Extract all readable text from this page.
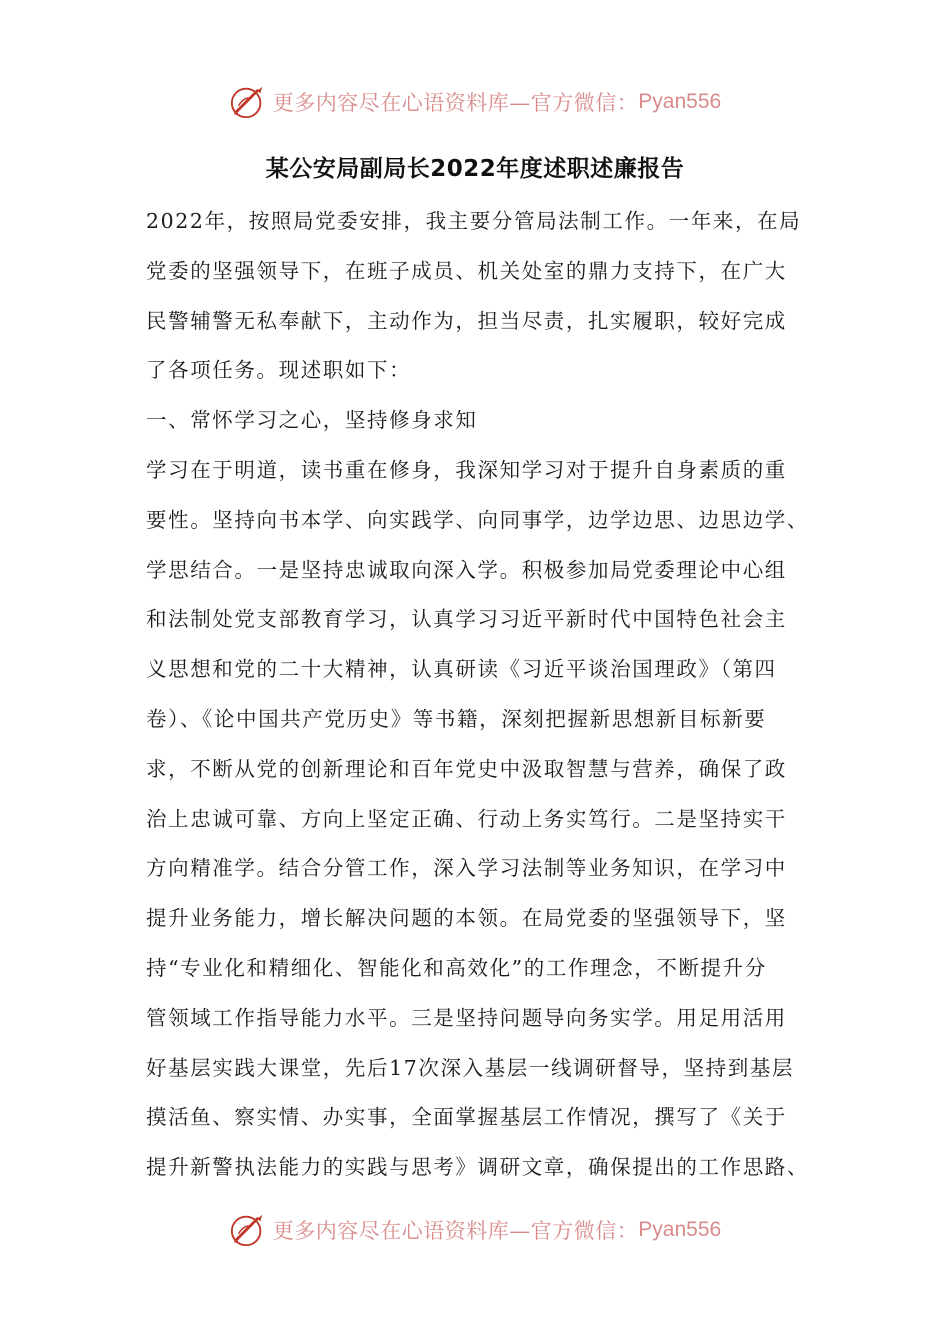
更多内容尽在心语资料库—官方微信： Pyan556
某公安局副局长2022年度述职述廉报告
2022年，按照局党委安排，我主要分管局法制工作。一年来，在局
党委的坚强领导下，在班子成员、机关处室的鼎力支持下，在广大
民警辅警无私奉献下，主动作为，担当尽责，扎实履职，较好完成
了各项任务。现述职如下：
一、常怀学习之心，坚持修身求知
学习在于明道，读书重在修身，我深知学习对于提升自身素质的重
要性。坚持向书本学、向实践学、向同事学，边学边思、边思边学、
学思结合。一是坚持忠诚取向深入学。积极参加局党委理论中心组
和法制处党支部教育学习，认真学习习近平新时代中国特色社会主
义思想和党的二十大精神，认真研读《习近平谈治国理政》（第四
卷）、《论中国共产党历史》等书籍，深刻把握新思想新目标新要
求，不断从党的创新理论和百年党史中汲取智慧与营养，确保了政
治上忠诚可靠、方向上坚定正确、行动上务实笃行。二是坚持实干
方向精准学。结合分管工作，深入学习法制等业务知识，在学习中
提升业务能力，增长解决问题的本领。在局党委的坚强领导下，坚
持“专业化和精细化、智能化和高效化”的工作理念，不断提升分
管领域工作指导能力水平。三是坚持问题导向务实学。用足用活用
好基层实践大课堂，先后17次深入基层一线调研督导，坚持到基层
摸活鱼、察实情、办实事，全面掌握基层工作情况，撰写了《关于
提升新警执法能力的实践与思考》调研文章，确保提出的工作思路、
更多内容尽在心语资料库—官方微信： Pyan556
